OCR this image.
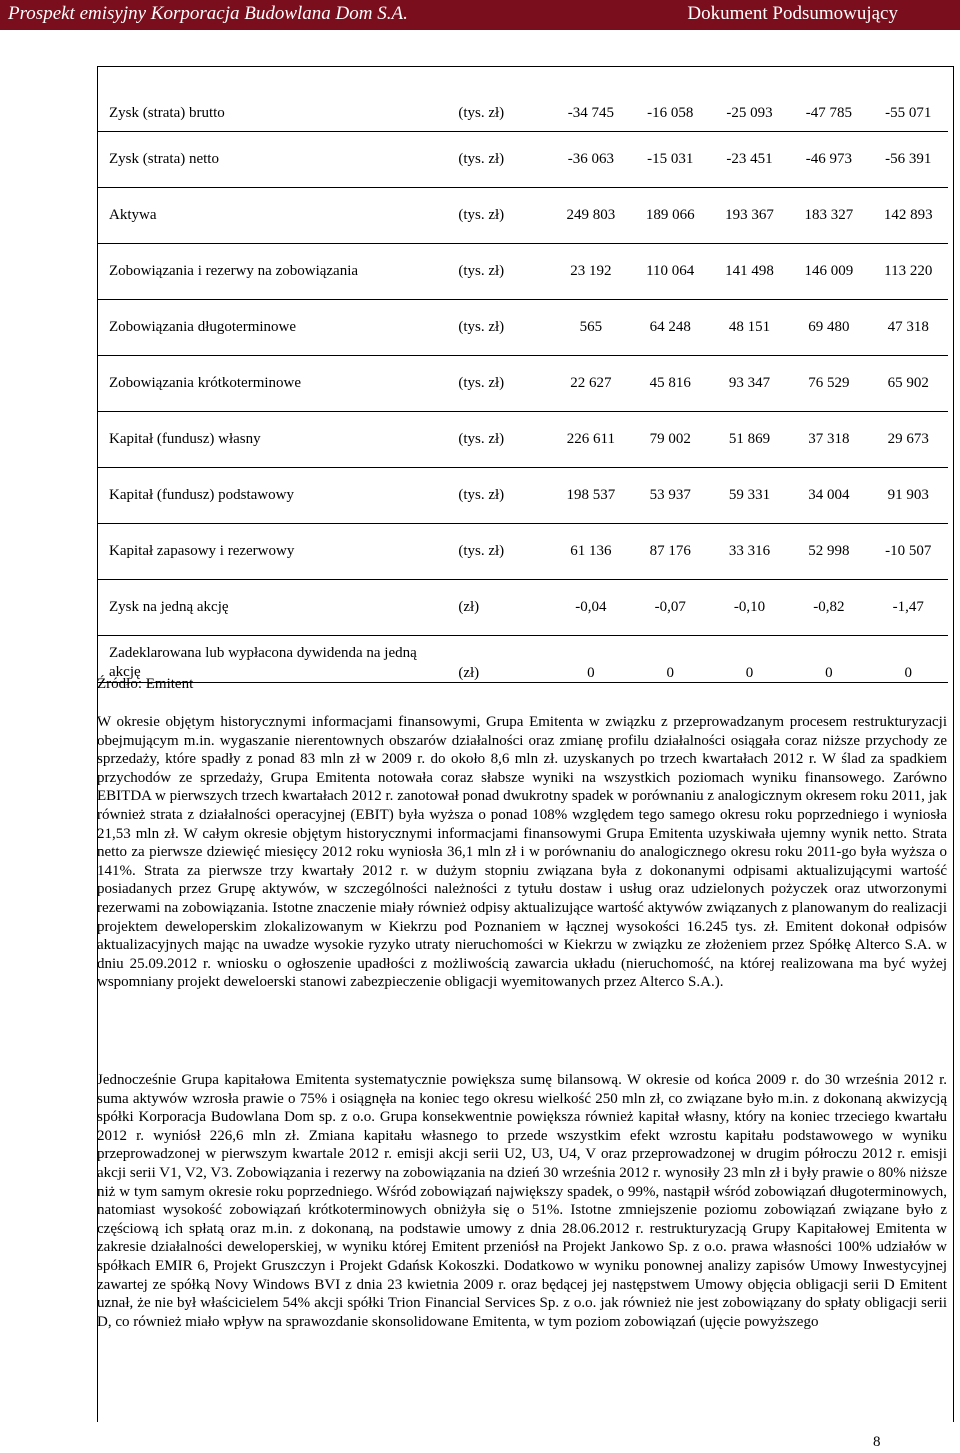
Prospekt emisyjny Korporacja Budowlana Dom S.A.	Dokument Podsumowujący
Zysk (strata) brutto	(tys. zł)	-34 745	-16 058	-25 093	-47 785	-55 071
Zysk (strata) netto	(tys. zł)	-36 063	-15 031	-23 451	-46 973	-56 391
Aktywa	(tys. zł)	249 803	189 066	193 367	183 327	142 893
Zobowiązania i rezerwy na zobowiązania	(tys. zł)	23 192	110 064	141 498	146 009	113 220
Zobowiązania długoterminowe	(tys. zł)	565	64 248	48 151	69 480	47 318
Zobowiązania krótkoterminowe	(tys. zł)	22 627	45 816	93 347	76 529	65 902
Kapitał (fundusz) własny	(tys. zł)	226 611	79 002	51 869	37 318	29 673
Kapitał (fundusz) podstawowy	(tys. zł)	198 537	53 937	59 331	34 004	91 903
Kapitał zapasowy i rezerwowy	(tys. zł)	61 136	87 176	33 316	52 998	-10 507
Zysk na jedną akcję	(zł)	-0,04	-0,07	-0,10	-0,82	-1,47
Zadeklarowana lub wypłacona dywidenda na jedną akcję	(zł)	0	0	0	0	0
Źródło: Emitent

W okresie objętym historycznymi informacjami finansowymi, Grupa Emitenta w związku z przeprowadzanym procesem restrukturyzacji obejmującym m.in. wygaszanie nierentownych obszarów działalności oraz zmianę profilu działalności osiągała coraz niższe przychody ze sprzedaży, które spadły z ponad 83 mln zł w 2009 r. do około 8,6 mln zł. uzyskanych po trzech kwartałach 2012 r. W ślad za spadkiem przychodów ze sprzedaży, Grupa Emitenta notowała coraz słabsze wyniki na wszystkich poziomach wyniku finansowego. Zarówno EBITDA w pierwszych trzech kwartałach 2012 r. zanotował ponad dwukrotny spadek w porównaniu z analogicznym okresem roku 2011, jak również strata z działalności operacyjnej (EBIT) była wyższa o ponad 108% względem tego samego okresu roku poprzedniego i wyniosła 21,53 mln zł. W całym okresie objętym historycznymi informacjami finansowymi Grupa Emitenta uzyskiwała ujemny wynik netto. Strata netto za pierwsze dziewięć miesięcy 2012 roku wyniosła 36,1 mln zł i w porównaniu do analogicznego okresu roku 2011-go była wyższa o 141%. Strata za pierwsze trzy kwartały 2012 r. w dużym stopniu związana była z dokonanymi odpisami aktualizującymi wartość posiadanych przez Grupę aktywów, w szczególności należności z tytułu dostaw i usług oraz udzielonych pożyczek oraz utworzonymi rezerwami na zobowiązania. Istotne znaczenie miały również odpisy aktualizujące wartość aktywów związanych z planowanym do realizacji projektem deweloperskim zlokalizowanym w Kiekrzu pod Poznaniem w łącznej wysokości 16.245 tys. zł. Emitent dokonał odpisów aktualizacyjnych mając na uwadze wysokie ryzyko utraty nieruchomości w Kiekrzu w związku ze złożeniem przez Spółkę Alterco S.A. w dniu 25.09.2012 r. wniosku o ogłoszenie upadłości z możliwością zawarcia układu (nieruchomość, na której realizowana ma być wyżej wspomniany projekt deweloerski stanowi zabezpieczenie obligacji wyemitowanych przez Alterco S.A.).

Jednocześnie Grupa kapitałowa Emitenta systematycznie powiększa sumę bilansową. W okresie od końca 2009 r. do 30 września 2012 r. suma aktywów wzrosła prawie o 75% i osiągnęła na koniec tego okresu wielkość 250 mln zł, co związane było m.in. z dokonaną akwizycją spółki Korporacja Budowlana Dom sp. z o.o. Grupa konsekwentnie powiększa również kapitał własny, który na koniec trzeciego kwartału 2012 r. wyniósł 226,6 mln zł. Zmiana kapitału własnego to przede wszystkim efekt wzrostu kapitału podstawowego w wyniku przeprowadzonej w pierwszym kwartale 2012 r. emisji akcji serii U2, U3, U4, V oraz przeprowadzonej w drugim półroczu 2012 r. emisji akcji serii V1, V2, V3. Zobowiązania i rezerwy na zobowiązania na dzień 30 września 2012 r. wynosiły 23 mln zł i były prawie o 80% niższe niż w tym samym okresie roku poprzedniego. Wśród zobowiązań największy spadek, o 99%, nastąpił wśród zobowiązań długoterminowych, natomiast wysokość zobowiązań krótkoterminowych obniżyła się o 51%. Istotne zmniejszenie poziomu zobowiązań związane było z częściową ich spłatą oraz m.in. z dokonaną, na podstawie umowy z dnia 28.06.2012 r. restrukturyzacją Grupy Kapitałowej Emitenta w zakresie działalności deweloperskiej, w wyniku której Emitent przeniósł na Projekt Jankowo Sp. z o.o. prawa własności 100% udziałów w spółkach EMIR 6, Projekt Gruszczyn i Projekt Gdańsk Kokoszki. Dodatkowo w wyniku ponownej analizy zapisów Umowy Inwestycyjnej zawartej ze spółką Novy Windows BVI z dnia 23 kwietnia 2009 r. oraz będącej jej następstwem Umowy objęcia obligacji serii D Emitent uznał, że nie był właścicielem 54% akcji spółki Trion Financial Services Sp. z o.o. jak również nie jest zobowiązany do spłaty obligacji serii D, co również miało wpływ na sprawozdanie skonsolidowane Emitenta, w tym poziom zobowiązań (ujęcie powyższego

8
